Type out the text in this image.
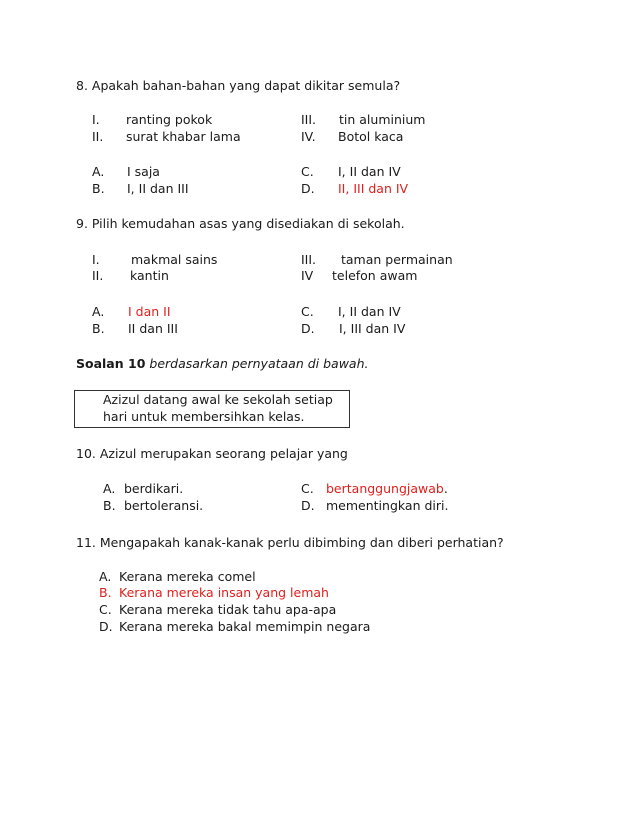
8. Apakah bahan-bahan yang dapat dikitar semula?
I. ranting pokok
II. surat khabar lama
III. tin aluminium
IV. Botol kaca
A. I saja
B. I, II dan III
C. I, II dan IV
D. II, III dan IV
9. Pilih kemudahan asas yang disediakan di sekolah.
I.	makmal sains
II. kantin
III. taman permainan
IV telefon awam
A. I dan II
B. II dan III
C. I, II dan IV
D. I, III dan IV
Soalan 10 berdasarkan pernyataan di bawah.
Azizul datang awal ke sekolah setiap
hari untuk membersihkan kelas.
10. Azizul merupakan seorang pelajar yang
A. berdikari.
B. bertoleransi.
C. bertanggungjawab.
D. mementingkan diri.
11. Mengapakah kanak-kanak perlu dibimbing dan diberi perhatian?
A. Kerana mereka comel
B. Kerana mereka insan yang lemah
C. Kerana mereka tidak tahu apa-apa
D. Kerana mereka bakal memimpin negara
